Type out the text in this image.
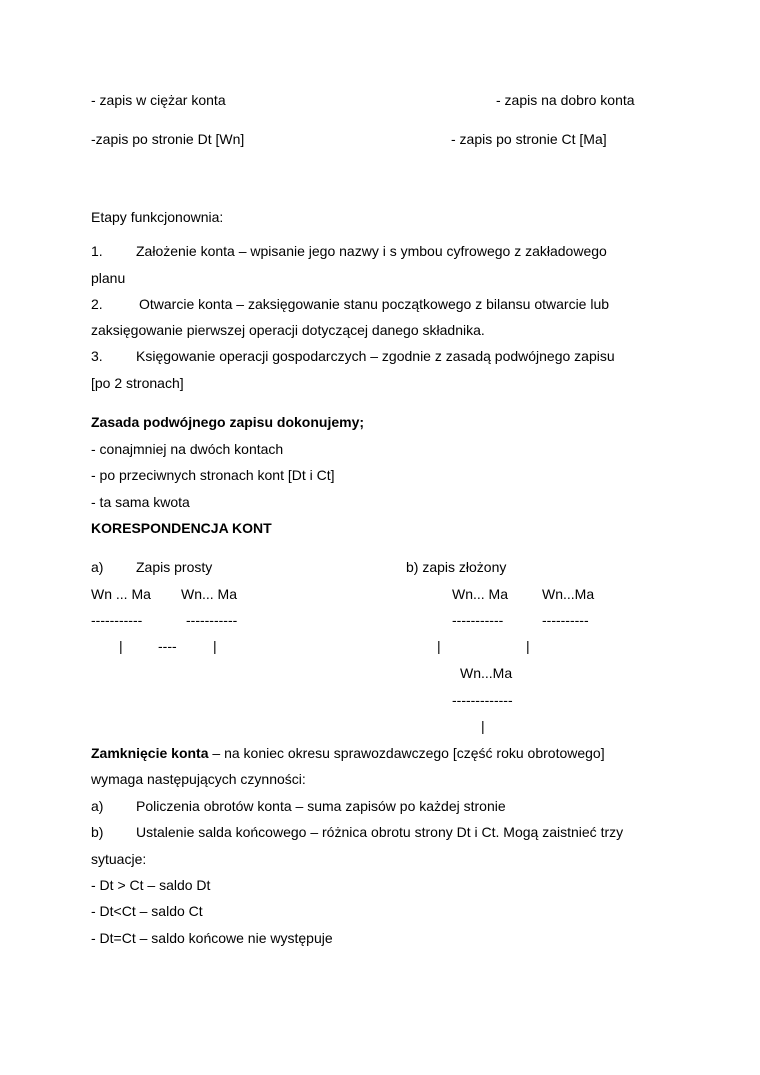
- zapis w ciężar konta	- zapis na dobro konta

-zapis po stronie Dt [Wn]	- zapis po stronie Ct [Ma]

Etapy funkcjonownia:

1. Założenie konta – wpisanie jego nazwy i s ymbou cyfrowego z zakładowego

planu

2.	Otwarcie konta – zaksięgowanie stanu początkowego z bilansu otwarcie lub

zaksięgowanie pierwszej operacji dotyczącej danego składnika.

3. Księgowanie operacji gospodarczych – zgodnie z zasadą podwójnego zapisu

[po 2 stronach]

Zasada podwójnego zapisu dokonujemy;

- conajmniej na dwóch kontach

- po przeciwnych stronach kont [Dt i Ct]

- ta sama kwota

KORESPONDENCJA KONT

a) Zapis prosty	b) zapis złożony

Wn ... Ma Wn... Ma	Wn... Ma Wn...Ma

-----------	-----------	-----------	----------

|	----	|	|	|

Wn...Ma

-------------

|

Zamknięcie konta – na koniec okresu sprawozdawczego [część roku obrotowego]

wymaga następujących czynności:

a) Policzenia obrotów konta – suma zapisów po każdej stronie

b) Ustalenie salda końcowego – różnica obrotu strony Dt i Ct. Mogą zaistnieć trzy

sytuacje:

- Dt > Ct – saldo Dt

- Dt<Ct – saldo Ct

- Dt=Ct – saldo końcowe nie występuje
